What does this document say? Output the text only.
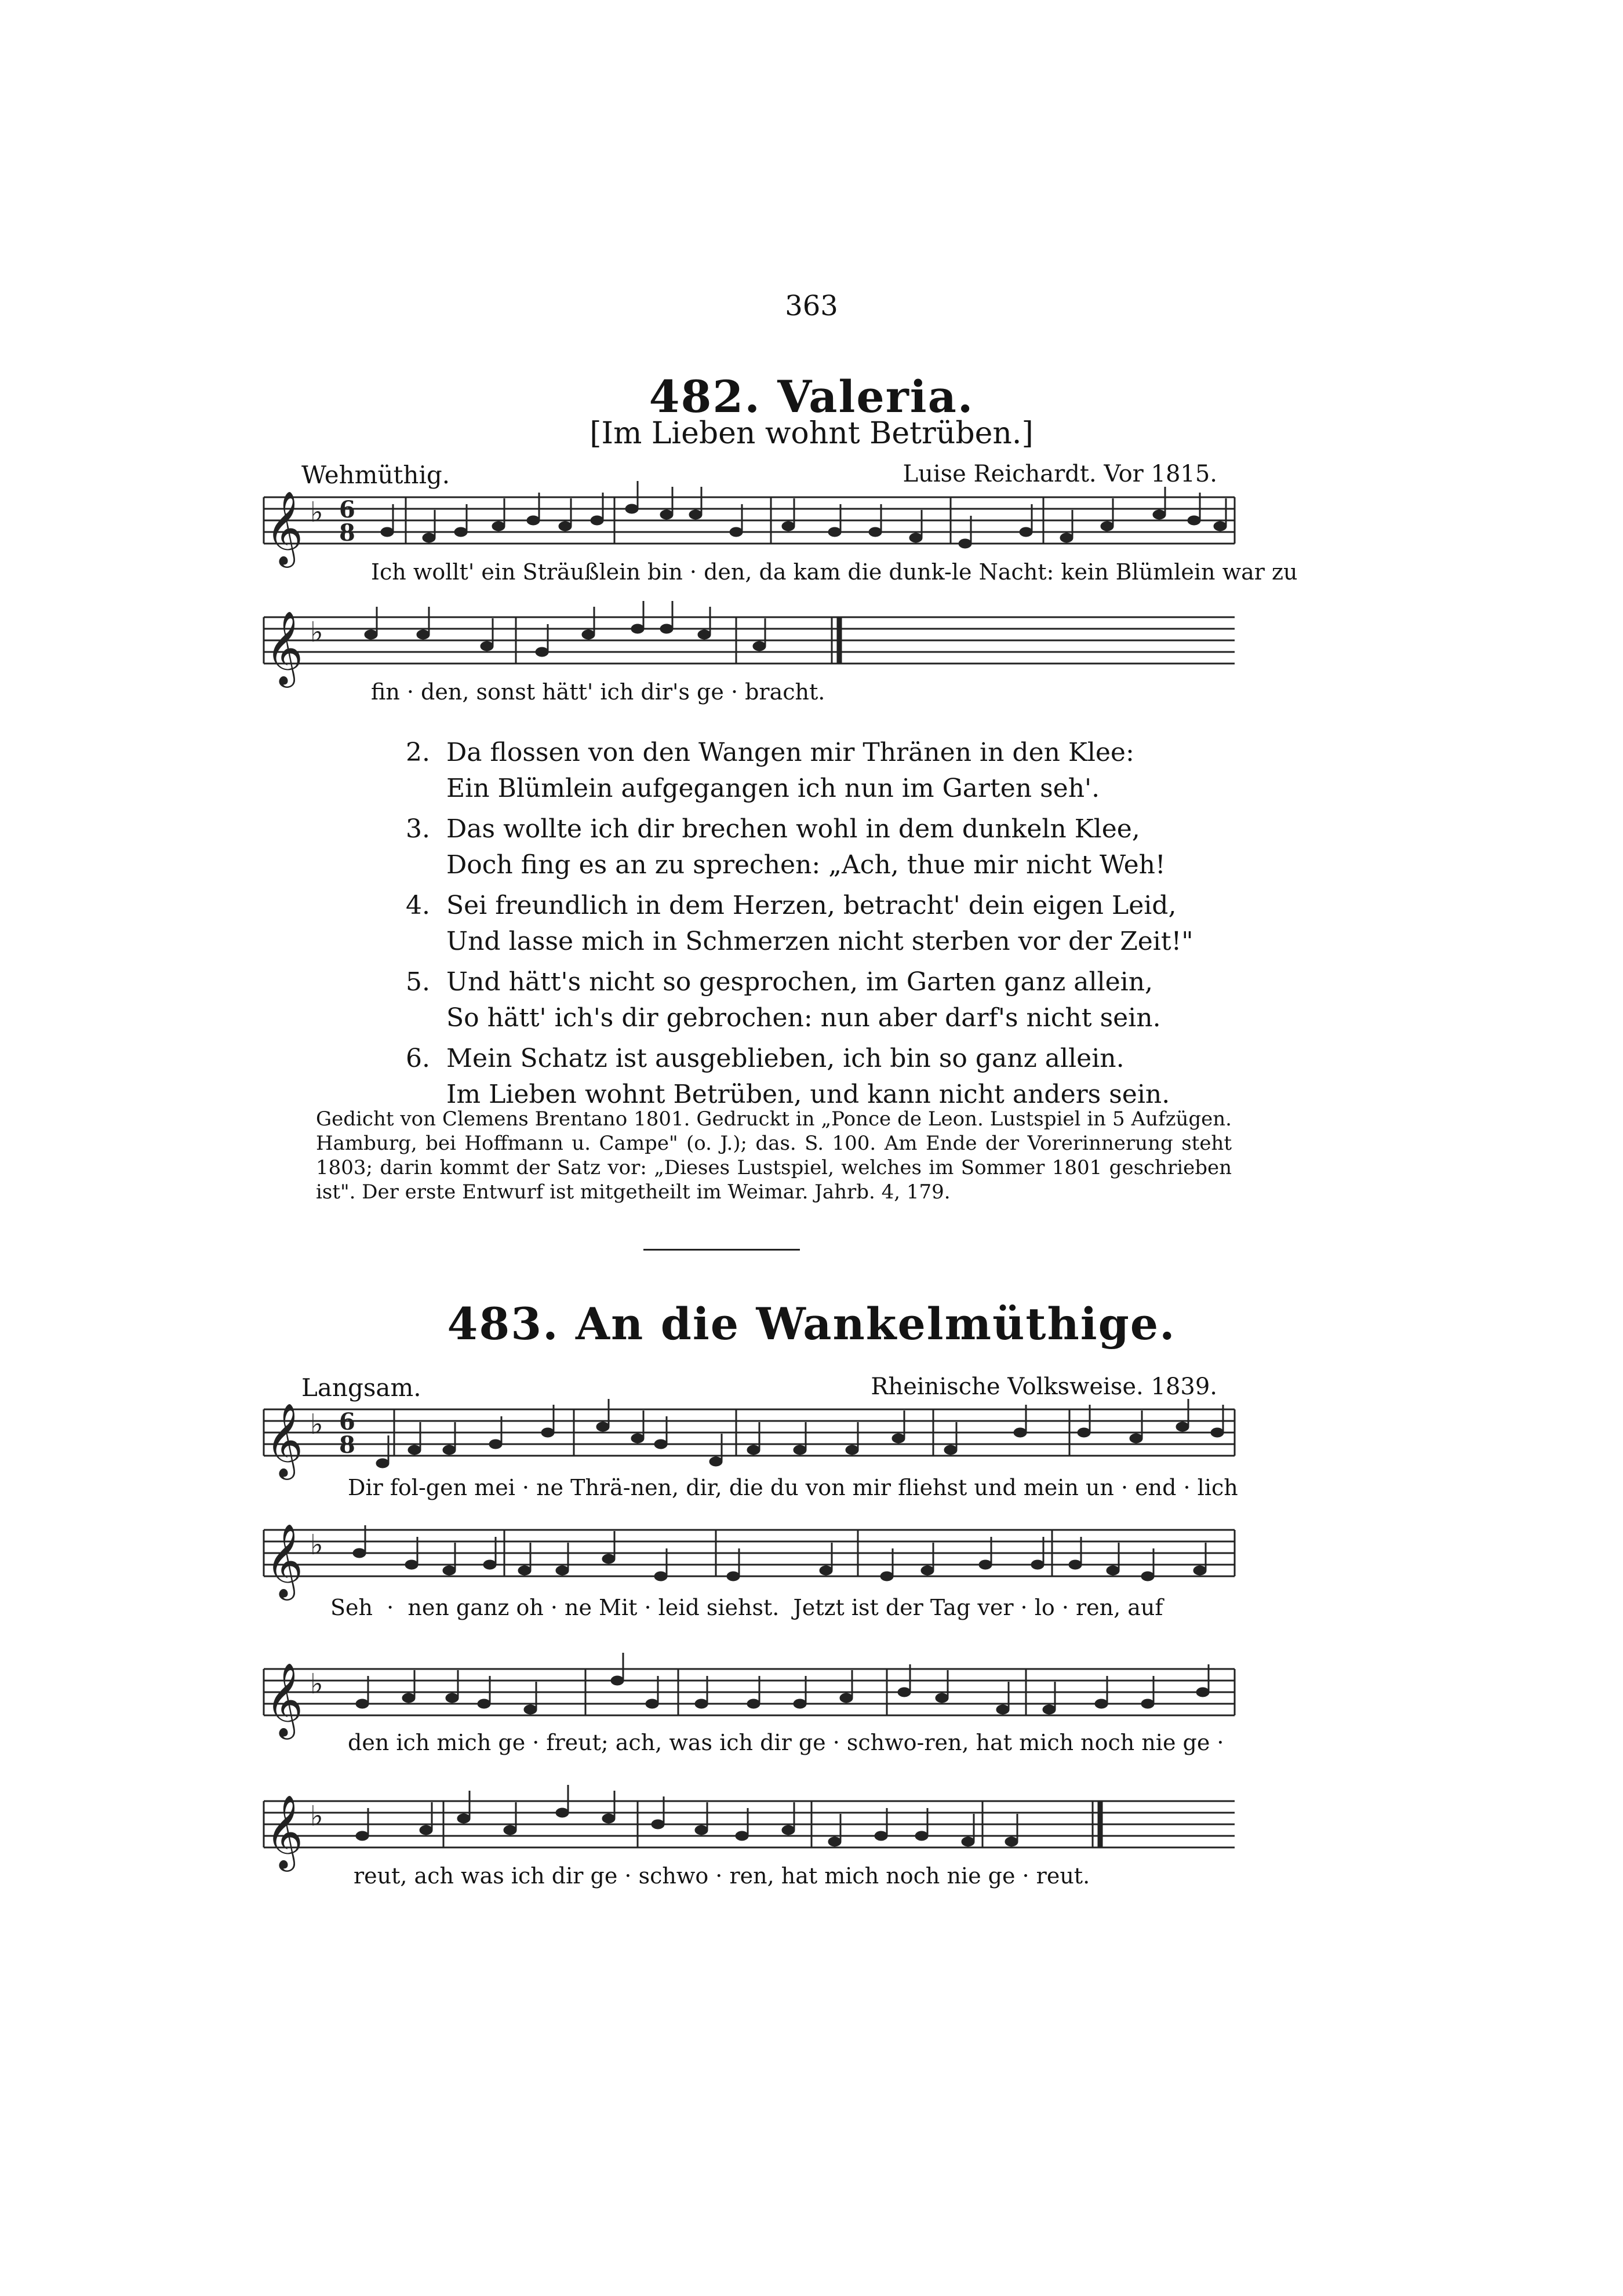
363
482. Valeria.
[Im Lieben wohnt Betrüben.]
Wehmüthig.	Luise Reichardt. Vor 1815.
𝄞 ♭ 6
8
𝄞 ♭
𝄞 ♭ 6
8
𝄞 ♭
𝄞 ♭
𝄞 ♭
Ich wollt' ein Sträußlein bin · den, da kam die dunk-le Nacht: kein Blümlein war zu
fin · den, sonst hätt' ich dir's ge · bracht.
2. Da flossen von den Wangen mir Thränen in den Klee:
Ein Blümlein aufgegangen ich nun im Garten seh'.
3. Das wollte ich dir brechen wohl in dem dunkeln Klee,
Doch fing es an zu sprechen: „Ach, thue mir nicht Weh!
4. Sei freundlich in dem Herzen, betracht' dein eigen Leid,
Und lasse mich in Schmerzen nicht sterben vor der Zeit!"
5. Und hätt's nicht so gesprochen, im Garten ganz allein,
So hätt' ich's dir gebrochen: nun aber darf's nicht sein.
6. Mein Schatz ist ausgeblieben, ich bin so ganz allein.
Im Lieben wohnt Betrüben, und kann nicht anders sein.
Gedicht von Clemens Brentano 1801. Gedruckt in „Ponce de Leon. Lustspiel in 5 Aufzügen. Hamburg, bei Hoffmann u. Campe" (o. J.); das. S. 100. Am Ende der Vorerinnerung steht 1803; darin kommt der Satz vor: „Dieses Lustspiel, welches im Sommer 1801 geschrieben ist". Der erste Entwurf ist mitgetheilt im Weimar. Jahrb. 4, 179.
483. An die Wankelmüthige.
Langsam.	Rheinische Volksweise. 1839.
Dir fol-gen mei · ne Thrä-nen, dir, die du von mir fliehst und mein un · end · lich
Seh  ·  nen ganz oh · ne Mit · leid siehst.  Jetzt ist der Tag ver · lo · ren, auf
den ich mich ge · freut; ach, was ich dir ge · schwo-ren, hat mich noch nie ge ·
reut, ach was ich dir ge · schwo · ren, hat mich noch nie ge · reut.
